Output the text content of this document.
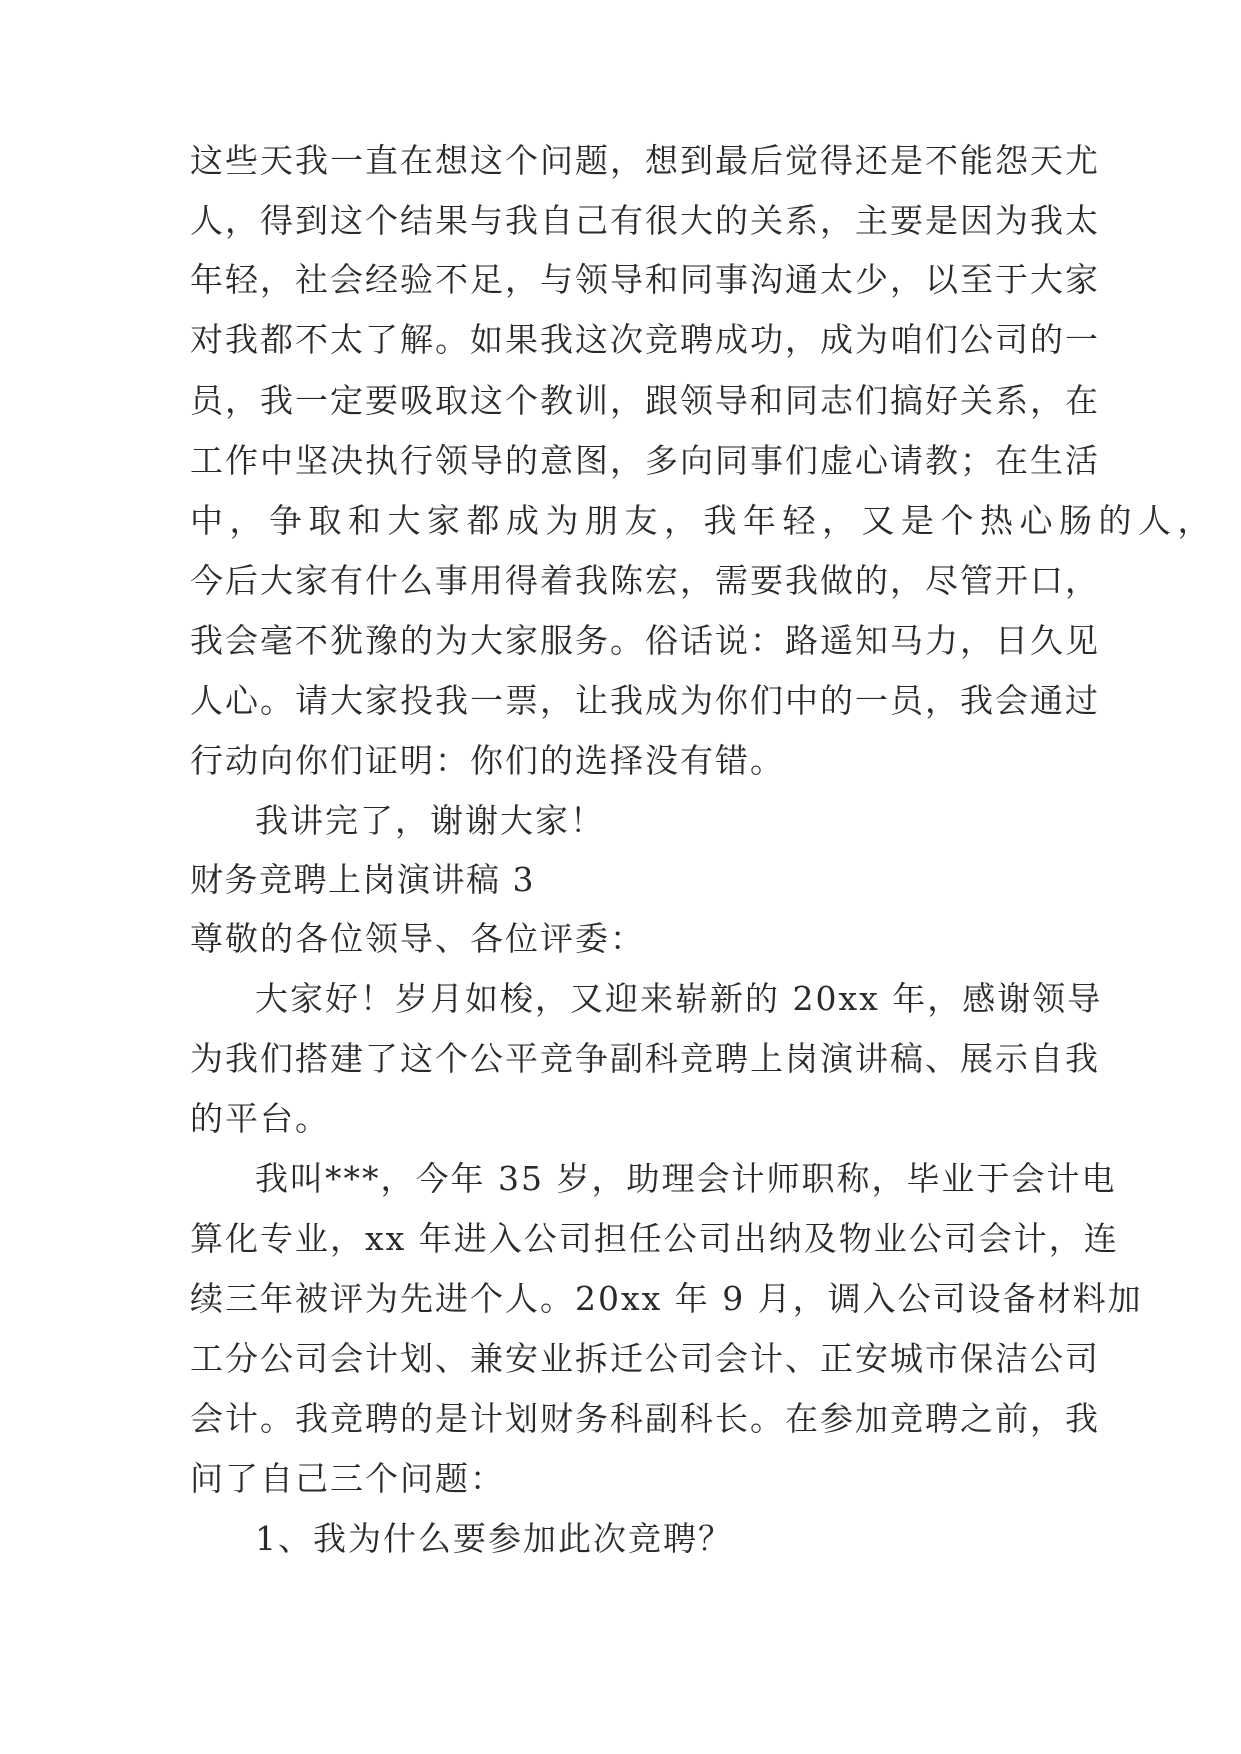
这些天我一直在想这个问题，想到最后觉得还是不能怨天尤
人，得到这个结果与我自己有很大的关系，主要是因为我太
年轻，社会经验不足，与领导和同事沟通太少，以至于大家
对我都不太了解。如果我这次竞聘成功，成为咱们公司的一
员，我一定要吸取这个教训，跟领导和同志们搞好关系，在
工作中坚决执行领导的意图，多向同事们虚心请教；在生活
中，争取和大家都成为朋友，我年轻，又是个热心肠的人，
今后大家有什么事用得着我陈宏，需要我做的，尽管开口，
我会毫不犹豫的为大家服务。俗话说：路遥知马力，日久见
人心。请大家投我一票，让我成为你们中的一员，我会通过
行动向你们证明：你们的选择没有错。
我讲完了，谢谢大家！
财务竞聘上岗演讲稿 3
尊敬的各位领导、各位评委：
大家好！岁月如梭，又迎来崭新的 20xx 年，感谢领导
为我们搭建了这个公平竞争副科竞聘上岗演讲稿、展示自我
的平台。
我叫***，今年 35 岁，助理会计师职称，毕业于会计电
算化专业，xx 年进入公司担任公司出纳及物业公司会计，连
续三年被评为先进个人。20xx 年 9 月，调入公司设备材料加
工分公司会计划、兼安业拆迁公司会计、正安城市保洁公司
会计。我竞聘的是计划财务科副科长。在参加竞聘之前，我
问了自己三个问题：
1、我为什么要参加此次竞聘？
